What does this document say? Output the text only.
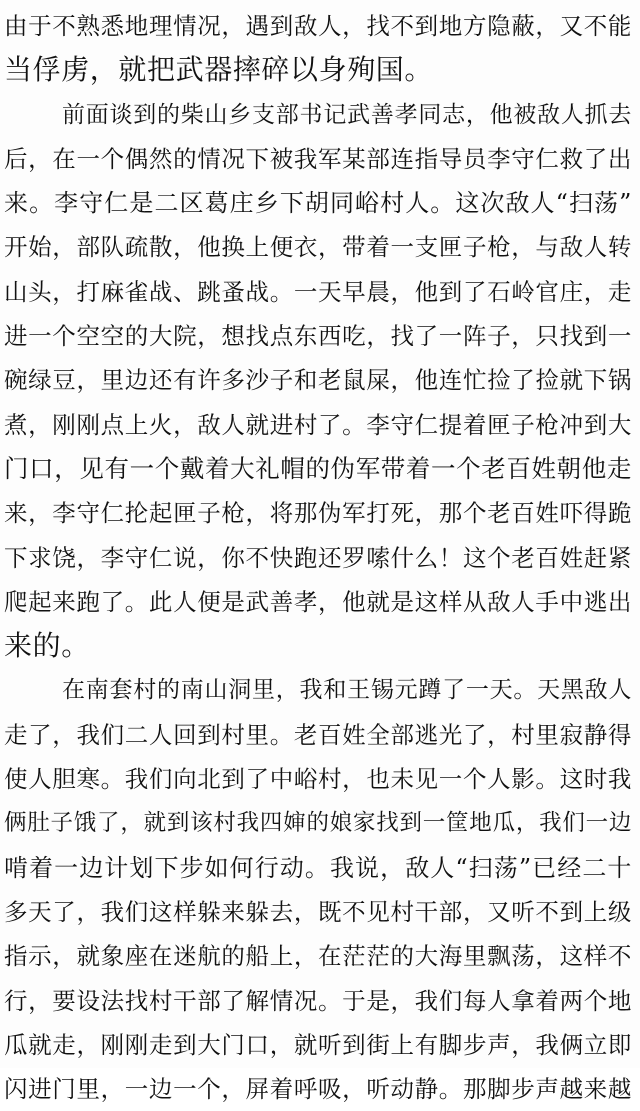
由于不熟悉地理情况，遇到敌人，找不到地方隐蔽，又不能
当俘虏，就把武器摔碎以身殉国。
前面谈到的柴山乡支部书记武善孝同志，他被敌人抓去
后，在一个偶然的情况下被我军某部连指导员李守仁救了出
来。李守仁是二区葛庄乡下胡同峪村人。这次敌人“扫荡”
开始，部队疏散，他换上便衣，带着一支匣子枪，与敌人转
山头，打麻雀战、跳蚤战。一天早晨，他到了石岭官庄，走
进一个空空的大院，想找点东西吃，找了一阵子，只找到一
碗绿豆，里边还有许多沙子和老鼠屎，他连忙捡了捡就下锅
煮，刚刚点上火，敌人就进村了。李守仁提着匣子枪冲到大
门口，见有一个戴着大礼帽的伪军带着一个老百姓朝他走
来，李守仁抡起匣子枪，将那伪军打死，那个老百姓吓得跪
下求饶，李守仁说，你不快跑还罗嗦什么！这个老百姓赶紧
爬起来跑了。此人便是武善孝，他就是这样从敌人手中逃出
来的。
在南套村的南山洞里，我和王锡元蹲了一天。天黑敌人
走了，我们二人回到村里。老百姓全部逃光了，村里寂静得
使人胆寒。我们向北到了中峪村，也未见一个人影。这时我
俩肚子饿了，就到该村我四婶的娘家找到一筐地瓜，我们一边
啃着一边计划下步如何行动。我说，敌人“扫荡”已经二十
多天了，我们这样躲来躲去，既不见村干部，又听不到上级
指示，就象座在迷航的船上，在茫茫的大海里飘荡，这样不
行，要设法找村干部了解情况。于是，我们每人拿着两个地
瓜就走，刚刚走到大门口，就听到街上有脚步声，我俩立即
闪进门里，一边一个，屏着呼吸，听动静。那脚步声越来越
